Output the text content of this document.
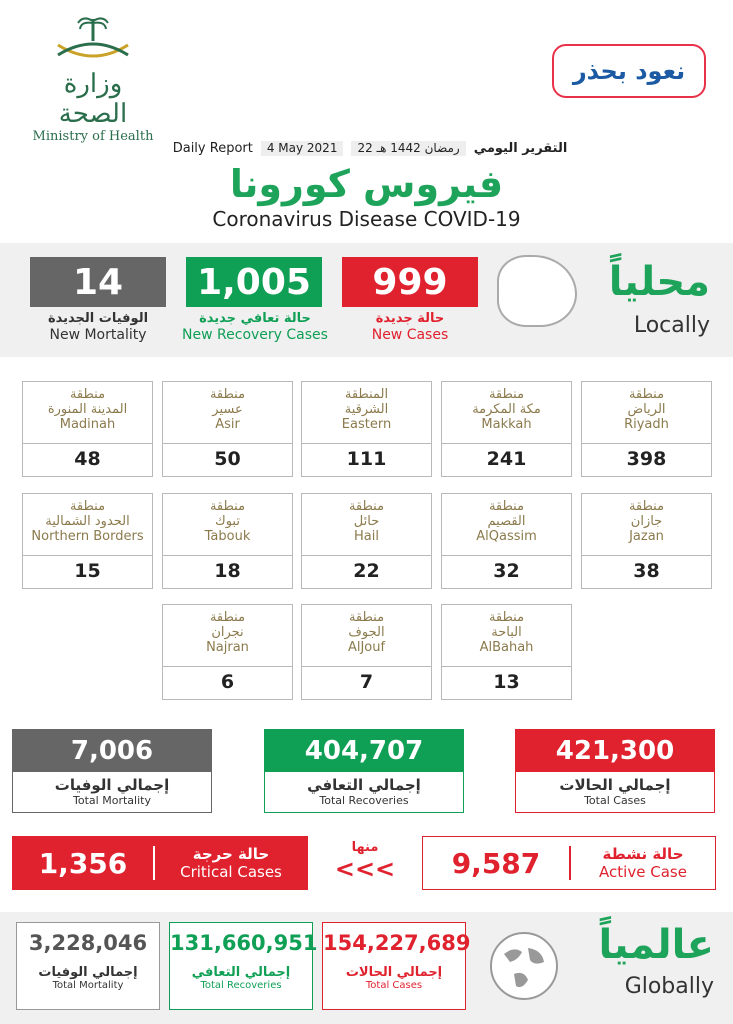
وزارة الصحة
Ministry of Health
نعود بحذر
Daily Report	4 May 2021	22 رمضان 1442 هـ	التقرير اليومي
فيروس كورونا
Coronavirus Disease COVID-19
14
الوفيات الجديدة
New Mortality
1,005
حالة تعافي جديدة
New Recovery Cases
999
حالة جديدة
New Cases
محلياً
Locally
منطقة
الرياض
Riyadh
398
منطقة
مكة المكرمة
Makkah
241
المنطقة
الشرقية
Eastern
111
منطقة
عسير
Asir
50
منطقة
المدينة المنورة
Madinah
48
منطقة
جازان
Jazan
38
منطقة
القصيم
AlQassim
32
منطقة
حائل
Hail
22
منطقة
تبوك
Tabouk
18
منطقة
الحدود الشمالية
Northern Borders
15
منطقة
الباحة
AlBahah
13
منطقة
الجوف
AlJouf
7
منطقة
نجران
Najran
6
7,006
إجمالي الوفيات
Total Mortality
404,707
إجمالي التعافي
Total Recoveries
421,300
إجمالي الحالات
Total Cases
1,356	حالة حرجة
Critical Cases
منها
<<<	9,587	حالة نشطة
Active Case
3,228,046
إجمالي الوفيات
Total Mortality
131,660,951
إجمالي التعافي
Total Recoveries
154,227,689
إجمالي الحالات
Total Cases
عالمياً
Globally
